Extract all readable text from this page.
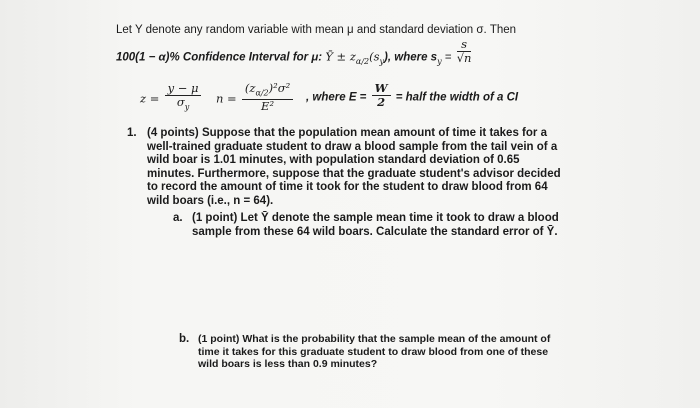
Let Y denote any random variable with mean μ and standard deviation σ. Then
100(1 − α)% Confidence Interval for μ: Ȳ ± $z_{\alpha/2}(s_y)$, where $s_y = \frac{s}{√n}$
$z = \frac{y - \mu}{\sigma_y}$ $n = \frac{(z_{\alpha/2})^2\sigma^2}{\text{E²}}$ , where $E = \frac{W}{2}$ = half the width of a CI
1. (4 points) Suppose that the population mean amount of time it takes for a well-trained graduate student to draw a blood sample from the tail vein of a wild boar is 1.01 minutes, with population standard deviation of 0.65 minutes. Furthermore, suppose that the graduate student's advisor decided to record the amount of time it took for the student to draw blood from 64 wild boars (i.e., n = 64).
a. (1 point) Let Ȳ denote the sample mean time it took to draw a blood sample from these 64 wild boars. Calculate the standard error of Ȳ.
b. (1 point) What is the probability that the sample mean of the amount of time it takes for this graduate student to draw blood from one of these wild boars is less than 0.9 minutes?
